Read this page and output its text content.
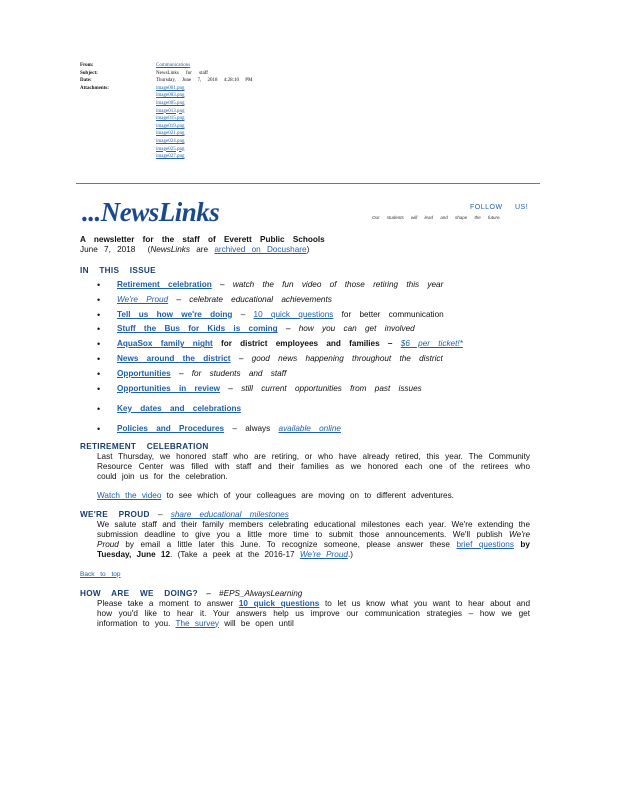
From:	Communications
Subject:	NewsLinks for staff
Date:	Thursday, June 7, 2018 4:28:10 PM
Attachments:	image001.png
image003.png
image005.png
image013.png
image015.png
image019.png
image021.png
image024.png
image025.png
image027.png
...NewsLinks	FOLLOW US!
Our students will lead and shape the future.
A newsletter for the staff of Everett Public Schools
June 7, 2018 (NewsLinks are archived on Docushare)
IN THIS ISSUE
• Retirement celebration – watch the fun video of those retiring this year
• We're Proud – celebrate educational achievements
• Tell us how we're doing – 10 quick questions for better communication
• Stuff the Bus for Kids is coming – how you can get involved
• AquaSox family night for district employees and families – $6 per ticket!*
• News around the district – good news happening throughout the district
• Opportunities – for students and staff
• Opportunities in review – still current opportunities from past issues
• Key dates and celebrations
• Policies and Procedures – always available online
RETIREMENT CELEBRATION
Last Thursday, we honored staff who are retiring, or who have already retired, this year. The Community Resource Center was filled with staff and their families as we honored each one of the retirees who could join us for the celebration.
Watch the video to see which of your colleagues are moving on to different adventures.
WE'RE PROUD – share educational milestones
We salute staff and their family members celebrating educational milestones each year. We're extending the submission deadline to give you a little more time to submit those announcements. We'll publish We're Proud by email a little later this June. To recognize someone, please answer these brief questions by Tuesday, June 12. (Take a peek at the 2016-17 We're Proud.)
Back to top
HOW ARE WE DOING? – #EPS_AlwaysLearning
Please take a moment to answer 10 quick questions to let us know what you want to hear about and how you'd like to hear it. Your answers help us improve our communication strategies – how we get information to you. The survey will be open until
